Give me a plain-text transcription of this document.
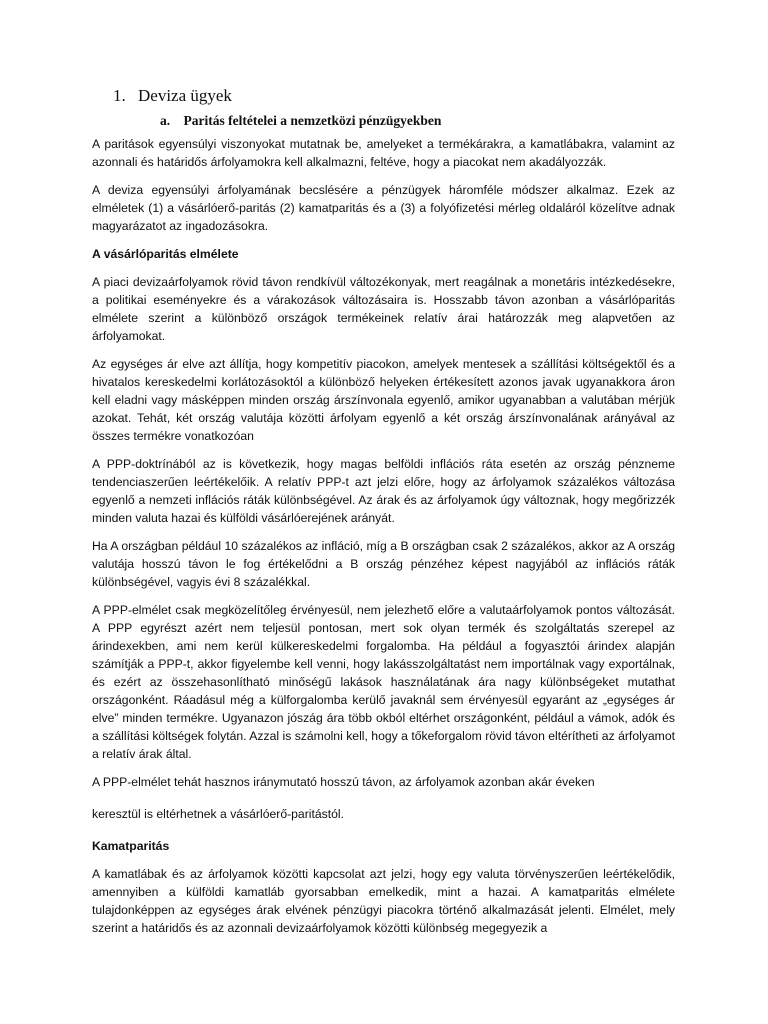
1. Deviza ügyek
a. Paritás feltételei a nemzetközi pénzügyekben

A paritások egyensúlyi viszonyokat mutatnak be, amelyeket a termékárakra, a kamatlábakra, valamint az azonnali és határidős árfolyamokra kell alkalmazni, feltéve, hogy a piacokat nem akadályozzák.

A deviza egyensúlyi árfolyamának becslésére a pénzügyek háromféle módszer alkalmaz. Ezek az elméletek (1) a vásárlóerő-paritás (2) kamatparitás és a (3) a folyófizetési mérleg oldaláról közelítve adnak magyarázatot az ingadozásokra.

A vásárlóparitás elmélete

A piaci devizaárfolyamok rövid távon rendkívül változékonyak, mert reagálnak a monetáris intézkedésekre, a politikai eseményekre és a várakozások változásaira is. Hosszabb távon azonban a vásárlóparitás elmélete szerint a különböző országok termékeinek relatív árai határozzák meg alapvetően az árfolyamokat.

Az egységes ár elve azt állítja, hogy kompetitív piacokon, amelyek mentesek a szállítási költségektől és a hivatalos kereskedelmi korlátozásoktól a különböző helyeken értékesített azonos javak ugyanakkora áron kell eladni vagy másképpen minden ország árszínvonala egyenlő, amikor ugyanabban a valutában mérjük azokat. Tehát, két ország valutája közötti árfolyam egyenlő a két ország árszínvonalának arányával az összes termékre vonatkozóan

A PPP-doktrínából az is következik, hogy magas belföldi inflációs ráta esetén az ország pénzneme tendenciaszerűen leértékelőik. A relatív PPP-t azt jelzi előre, hogy az árfolyamok százalékos változása egyenlő a nemzeti inflációs ráták különbségével. Az árak és az árfolyamok úgy változnak, hogy megőrizzék minden valuta hazai és külföldi vásárlóerejének arányát.

Ha A országban például 10 százalékos az infláció, míg a B országban csak 2 százalékos, akkor az A ország valutája hosszú távon le fog értékelődni a B ország pénzéhez képest nagyjából az inflációs ráták különbségével, vagyis évi 8 százalékkal.

A PPP-elmélet csak megközelítőleg érvényesül, nem jelezhető előre a valutaárfolyamok pontos változását. A PPP egyrészt azért nem teljesül pontosan, mert sok olyan termék és szolgáltatás szerepel az árindexekben, ami nem kerül külkereskedelmi forgalomba. Ha például a fogyasztói árindex alapján számítják a PPP-t, akkor figyelembe kell venni, hogy lakásszolgáltatást nem importálnak vagy exportálnak, és ezért az összehasonlítható minőségű lakások használatának ára nagy különbségeket mutathat országonként. Ráadásul még a külforgalomba kerülő javaknál sem érvényesül egyaránt az „egységes ár elve” minden termékre. Ugyanazon jószág ára több okból eltérhet országonként, például a vámok, adók és a szállítási költségek folytán. Azzal is számolni kell, hogy a tőkeforgalom rövid távon eltérítheti az árfolyamot a relatív árak által.

A PPP-elmélet tehát hasznos iránymutató hosszú távon, az árfolyamok azonban akár éveken

keresztül is eltérhetnek a vásárlóerő-paritástól.

Kamatparitás

A kamatlábak és az árfolyamok közötti kapcsolat azt jelzi, hogy egy valuta törvényszerűen leértékelődik, amennyiben a külföldi kamatláb gyorsabban emelkedik, mint a hazai. A kamatparitás elmélete tulajdonképpen az egységes árak elvének pénzügyi piacokra történő alkalmazását jelenti. Elmélet, mely szerint a határidős és az azonnali devizaárfolyamok közötti különbség megegyezik a
